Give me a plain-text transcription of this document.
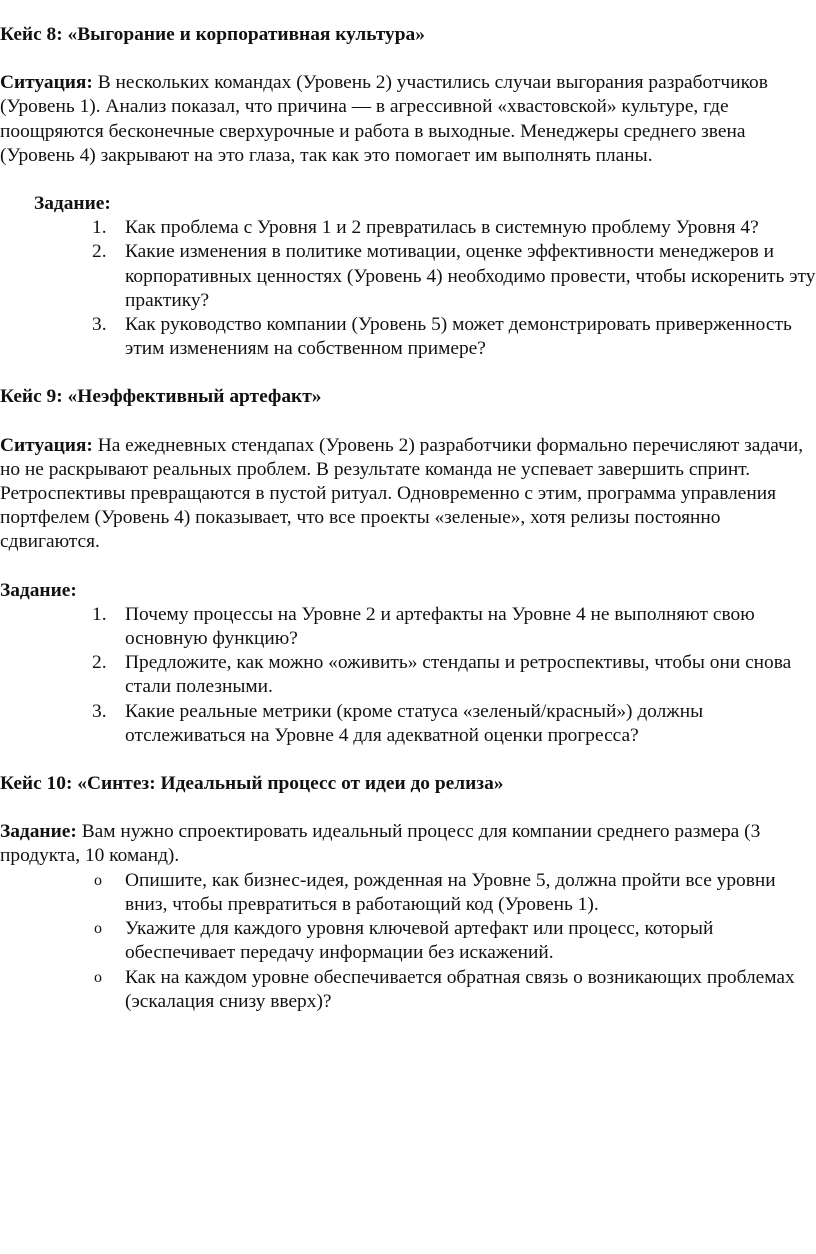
Кейс 8: «Выгорание и корпоративная культура»

Ситуация: В нескольких командах (Уровень 2) участились случаи выгорания разработчиков (Уровень 1). Анализ показал, что причина — в агрессивной «хвастовской» культуре, где поощряются бесконечные сверхурочные и работа в выходные. Менеджеры среднего звена (Уровень 4) закрывают на это глаза, так как это помогает им выполнять планы.

Задание:

1. Как проблема с Уровня 1 и 2 превратилась в системную проблему Уровня 4?
2. Какие изменения в политике мотивации, оценке эффективности менеджеров и корпоративных ценностях (Уровень 4) необходимо провести, чтобы искоренить эту практику?
3. Как руководство компании (Уровень 5) может демонстрировать приверженность этим изменениям на собственном примере?

Кейс 9: «Неэффективный артефакт»

Ситуация: На ежедневных стендапах (Уровень 2) разработчики формально перечисляют задачи, но не раскрывают реальных проблем. В результате команда не успевает завершить спринт. Ретроспективы превращаются в пустой ритуал. Одновременно с этим, программа управления портфелем (Уровень 4) показывает, что все проекты «зеленые», хотя релизы постоянно сдвигаются.

Задание:

1. Почему процессы на Уровне 2 и артефакты на Уровне 4 не выполняют свою основную функцию?
2. Предложите, как можно «оживить» стендапы и ретроспективы, чтобы они снова стали полезными.
3. Какие реальные метрики (кроме статуса «зеленый/красный») должны отслеживаться на Уровне 4 для адекватной оценки прогресса?

Кейс 10: «Синтез: Идеальный процесс от идеи до релиза»

Задание: Вам нужно спроектировать идеальный процесс для компании среднего размера (3 продукта, 10 команд).

o Опишите, как бизнес-идея, рожденная на Уровне 5, должна пройти все уровни вниз, чтобы превратиться в работающий код (Уровень 1).
o Укажите для каждого уровня ключевой артефакт или процесс, который обеспечивает передачу информации без искажений.
o Как на каждом уровне обеспечивается обратная связь о возникающих проблемах (эскалация снизу вверх)?
